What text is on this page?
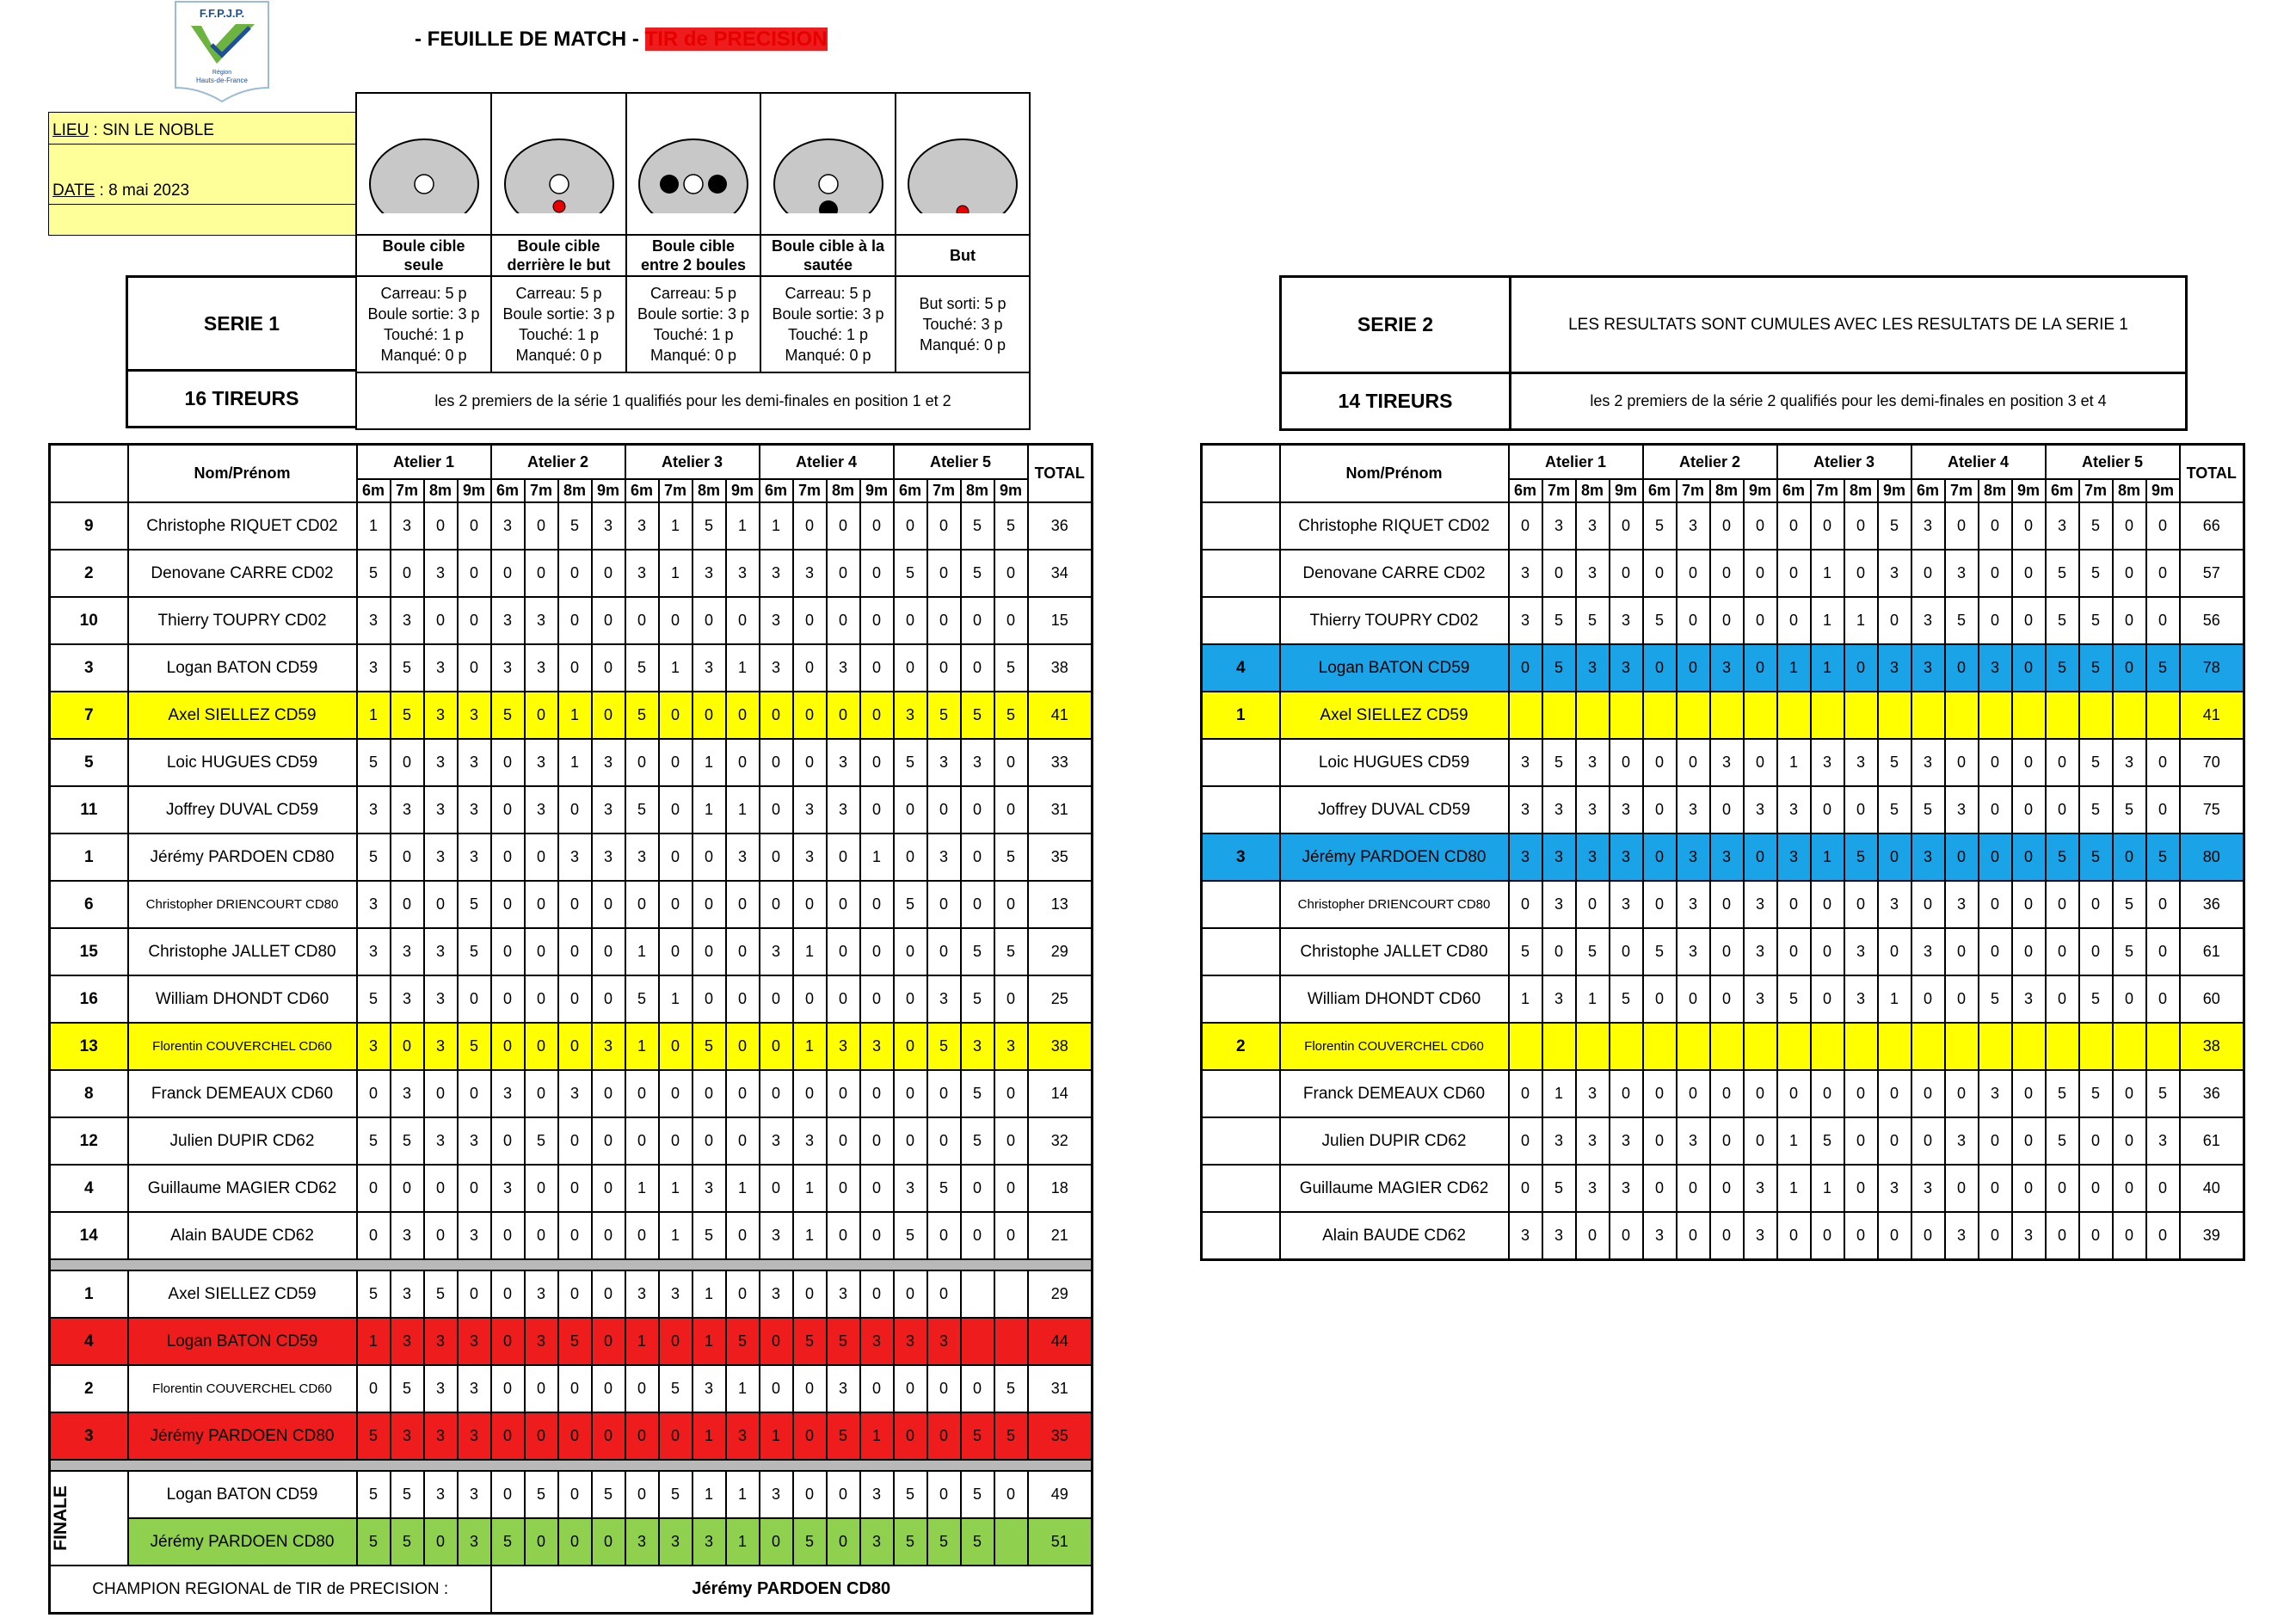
- FEUILLE DE MATCH - TIR de PRECISION
F.F.P.J.P.
Région
Hauts-de-France
LIEU : SIN LE NOBLE
DATE : 8 mai 2023

Boule cible
seule	Boule cible
derrière le but	Boule cible
entre 2 boules	Boule cible à la
sautée	But
Carreau: 5 p
Boule sortie: 3 p
Touché: 1 p
Manqué: 0 p	Carreau: 5 p
Boule sortie: 3 p
Touché: 1 p
Manqué: 0 p	Carreau: 5 p
Boule sortie: 3 p
Touché: 1 p
Manqué: 0 p	Carreau: 5 p
Boule sortie: 3 p
Touché: 1 p
Manqué: 0 p	But sorti: 5 p
Touché: 3 p
Manqué: 0 p
les 2 premiers de la série 1 qualifiés pour les demi-finales en position 1 et 2				
SERIE 1
16 TIREURS
SERIE 2	LES RESULTATS SONT CUMULES AVEC LES RESULTATS DE LA SERIE 1
14 TIREURS	les 2 premiers de la série 2 qualifiés pour les demi-finales en position 3 et 4
	Nom/Prénom	Atelier 1				Atelier 2				Atelier 3				Atelier 4				Atelier 5				TOTAL
		6m	7m	8m	9m	6m	7m	8m	9m	6m	7m	8m	9m	6m	7m	8m	9m	6m	7m	8m	9m	
9	Christophe RIQUET CD02	1	3	0	0	3	0	5	3	3	1	5	1	1	0	0	0	0	0	5	5	36
2	Denovane CARRE CD02	5	0	3	0	0	0	0	0	3	1	3	3	3	3	0	0	5	0	5	0	34
10	Thierry TOUPRY CD02	3	3	0	0	3	3	0	0	0	0	0	0	3	0	0	0	0	0	0	0	15
3	Logan BATON CD59	3	5	3	0	3	3	0	0	5	1	3	1	3	0	3	0	0	0	0	5	38
7	Axel SIELLEZ CD59	1	5	3	3	5	0	1	0	5	0	0	0	0	0	0	0	3	5	5	5	41
5	Loic HUGUES CD59	5	0	3	3	0	3	1	3	0	0	1	0	0	0	3	0	5	3	3	0	33
11	Joffrey DUVAL CD59	3	3	3	3	0	3	0	3	5	0	1	1	0	3	3	0	0	0	0	0	31
1	Jérémy PARDOEN CD80	5	0	3	3	0	0	3	3	3	0	0	3	0	3	0	1	0	3	0	5	35
6	Christopher DRIENCOURT CD80	3	0	0	5	0	0	0	0	0	0	0	0	0	0	0	0	5	0	0	0	13
15	Christophe JALLET CD80	3	3	3	5	0	0	0	0	1	0	0	0	3	1	0	0	0	0	5	5	29
16	William DHONDT CD60	5	3	3	0	0	0	0	0	5	1	0	0	0	0	0	0	0	3	5	0	25
13	Florentin COUVERCHEL CD60	3	0	3	5	0	0	0	3	1	0	5	0	0	1	3	3	0	5	3	3	38
8	Franck DEMEAUX CD60	0	3	0	0	3	0	3	0	0	0	0	0	0	0	0	0	0	0	5	0	14
12	Julien DUPIR CD62	5	5	3	3	0	5	0	0	0	0	0	0	3	3	0	0	0	0	5	0	32
4	Guillaume MAGIER CD62	0	0	0	0	3	0	0	0	1	1	3	1	0	1	0	0	3	5	0	0	18
14	Alain BAUDE CD62	0	3	0	3	0	0	0	0	0	1	5	0	3	1	0	0	5	0	0	0	21

1	Axel SIELLEZ CD59	5	3	5	0	0	3	0	0	3	3	1	0	3	0	3	0	0	0			29
4	Logan BATON CD59	1	3	3	3	0	3	5	0	1	0	1	5	0	5	5	3	3	3			44
2	Florentin COUVERCHEL CD60	0	5	3	3	0	0	0	0	0	5	3	1	0	0	3	0	0	0	0	5	31
3	Jérémy PARDOEN CD80	5	3	3	3	0	0	0	0	0	0	1	3	1	0	5	1	0	0	5	5	35

FINALE	Logan BATON CD59	5	5	3	3	0	5	0	5	0	5	1	1	3	0	0	3	5	0	5	0	49
	Jérémy PARDOEN CD80	5	5	0	3	5	0	0	0	3	3	3	1	0	5	0	3	5	5	5		51
CHAMPION REGIONAL de TIR de PRECISION :						Jérémy PARDOEN CD80																
	Nom/Prénom	Atelier 1				Atelier 2				Atelier 3				Atelier 4				Atelier 5				TOTAL
		6m	7m	8m	9m	6m	7m	8m	9m	6m	7m	8m	9m	6m	7m	8m	9m	6m	7m	8m	9m	
	Christophe RIQUET CD02	0	3	3	0	5	3	0	0	0	0	0	5	3	0	0	0	3	5	0	0	66
	Denovane CARRE CD02	3	0	3	0	0	0	0	0	0	1	0	3	0	3	0	0	5	5	0	0	57
	Thierry TOUPRY CD02	3	5	5	3	5	0	0	0	0	1	1	0	3	5	0	0	5	5	0	0	56
4	Logan BATON CD59	0	5	3	3	0	0	3	0	1	1	0	3	3	0	3	0	5	5	0	5	78
1	Axel SIELLEZ CD59																					41
	Loic HUGUES CD59	3	5	3	0	0	0	3	0	1	3	3	5	3	0	0	0	0	5	3	0	70
	Joffrey DUVAL CD59	3	3	3	3	0	3	0	3	3	0	0	5	5	3	0	0	0	5	5	0	75
3	Jérémy PARDOEN CD80	3	3	3	3	0	3	3	0	3	1	5	0	3	0	0	0	5	5	0	5	80
	Christopher DRIENCOURT CD80	0	3	0	3	0	3	0	3	0	0	0	3	0	3	0	0	0	0	5	0	36
	Christophe JALLET CD80	5	0	5	0	5	3	0	3	0	0	3	0	3	0	0	0	0	0	5	0	61
	William DHONDT CD60	1	3	1	5	0	0	0	3	5	0	3	1	0	0	5	3	0	5	0	0	60
2	Florentin COUVERCHEL CD60																					38
	Franck DEMEAUX CD60	0	1	3	0	0	0	0	0	0	0	0	0	0	0	3	0	5	5	0	5	36
	Julien DUPIR CD62	0	3	3	3	0	3	0	0	1	5	0	0	0	3	0	0	5	0	0	3	61
	Guillaume MAGIER CD62	0	5	3	3	0	0	0	3	1	1	0	3	3	0	0	0	0	0	0	0	40
	Alain BAUDE CD62	3	3	0	0	3	0	0	3	0	0	0	0	0	3	0	3	0	0	0	0	39
